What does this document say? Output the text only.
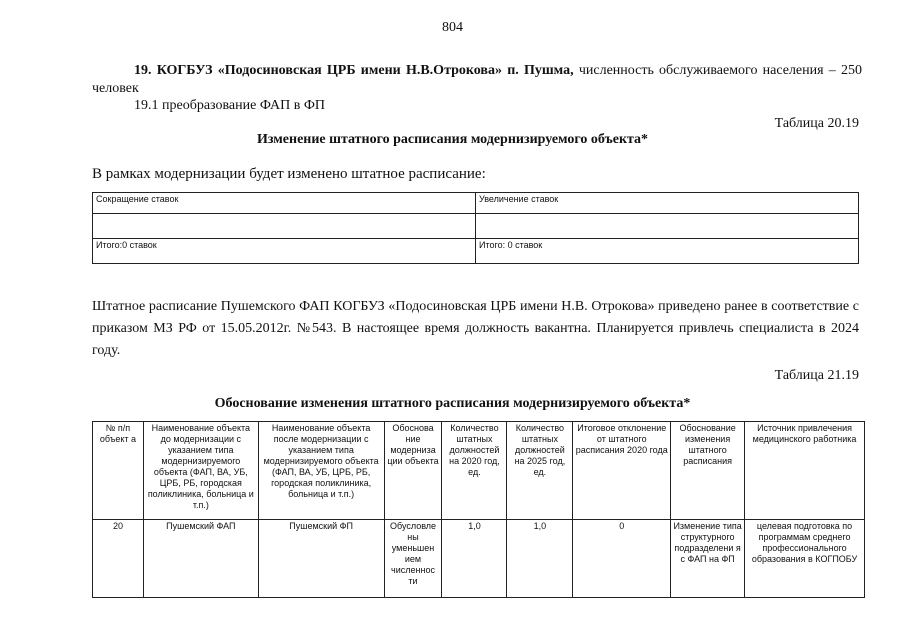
804
19. КОГБУЗ «Подосиновская ЦРБ имени Н.В.Отрокова» п. Пушма, численность обслуживаемого населения – 250 человек
19.1 преобразование ФАП в ФП
Таблица 20.19
Изменение штатного расписания модернизируемого объекта*
В рамках модернизации будет изменено штатное расписание:
Сокращение ставок	Увеличение ставок

Итого:0 ставок	Итого: 0 ставок
Штатное расписание Пушемского ФАП КОГБУЗ «Подосиновская ЦРБ имени Н.В. Отрокова» приведено ранее в соответствие с приказом МЗ РФ от 15.05.2012г. №543. В настоящее время должность вакантна. Планируется привлечь специалиста в 2024 году.
Таблица 21.19
Обоснование изменения штатного расписания модернизируемого объекта*
№ п/п объект а	Наименование объекта до модернизации с указанием типа модернизируемого объекта (ФАП, ВА, УБ, ЦРБ, РБ, городская поликлиника, больница и т.п.)	Наименование объекта после модернизации с указанием типа модернизируемого объекта (ФАП, ВА, УБ, ЦРБ, РБ, городская поликлиника, больница и т.п.)	Обоснова ние модерниза ции объекта	Количество штатных должностей на 2020 год, ед.	Количество штатных должностей на 2025 год, ед.	Итоговое отклонение от штатного расписания 2020 года	Обоснование изменения штатного расписания	Источник привлечения медицинского работника
20	Пушемский ФАП	Пушемский ФП	Обусловле ны уменьшен ием численнос ти	1,0	1,0	0	Изменение типа структурного подразделени я с ФАП на ФП	целевая подготовка по программам среднего профессионального образования в КОГПОБУ
